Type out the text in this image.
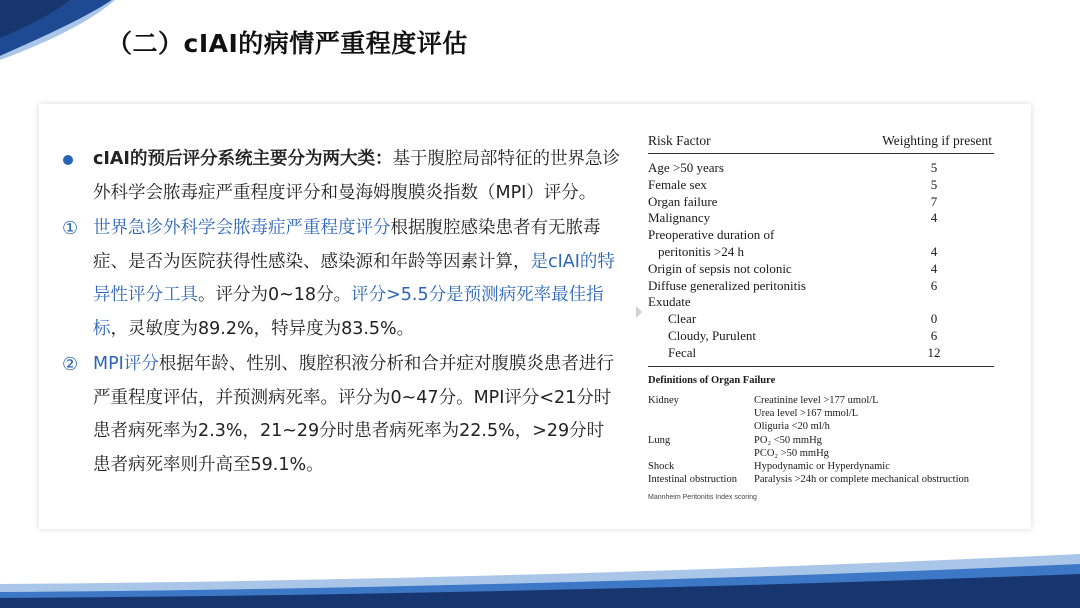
（二）cIAI的病情严重程度评估

cIAI的预后评分系统主要分为两大类：基于腹腔局部特征的世界急诊外科学会脓毒症严重程度评分和曼海姆腹膜炎指数（MPI）评分。

① 世界急诊外科学会脓毒症严重程度评分根据腹腔感染患者有无脓毒症、是否为医院获得性感染、感染源和年龄等因素计算，是cIAI的特异性评分工具。评分为0~18分。评分>5.5分是预测病死率最佳指标，灵敏度为89.2%，特异度为83.5%。

② MPI评分根据年龄、性别、腹腔积液分析和合并症对腹膜炎患者进行严重程度评估，并预测病死率。评分为0~47分。MPI评分<21分时患者病死率为2.3%，21~29分时患者病死率为22.5%，>29分时患者病死率则升高至59.1%。

Risk Factor	Weighting if present
Age >50 years	5
Female sex	5
Organ failure	7
Malignancy	4
Preoperative duration of
peritonitis >24 h	4
Origin of sepsis not colonic	4
Diffuse generalized peritonitis	6
Exudate
Clear	0
Cloudy, Purulent	6
Fecal	12
Definitions of Organ Failure
Kidney	Creatinine level >177 umol/L
Urea level >167 mmol/L
Oliguria <20 ml/h
Lung	PO₂ <50 mmHg
PCO₂ >50 mmHg
Shock	Hypodynamic or Hyperdynamic
Intestinal obstruction Paralysis >24h or complete mechanical obstruction
Mannheim Peritonitis Index scoring
